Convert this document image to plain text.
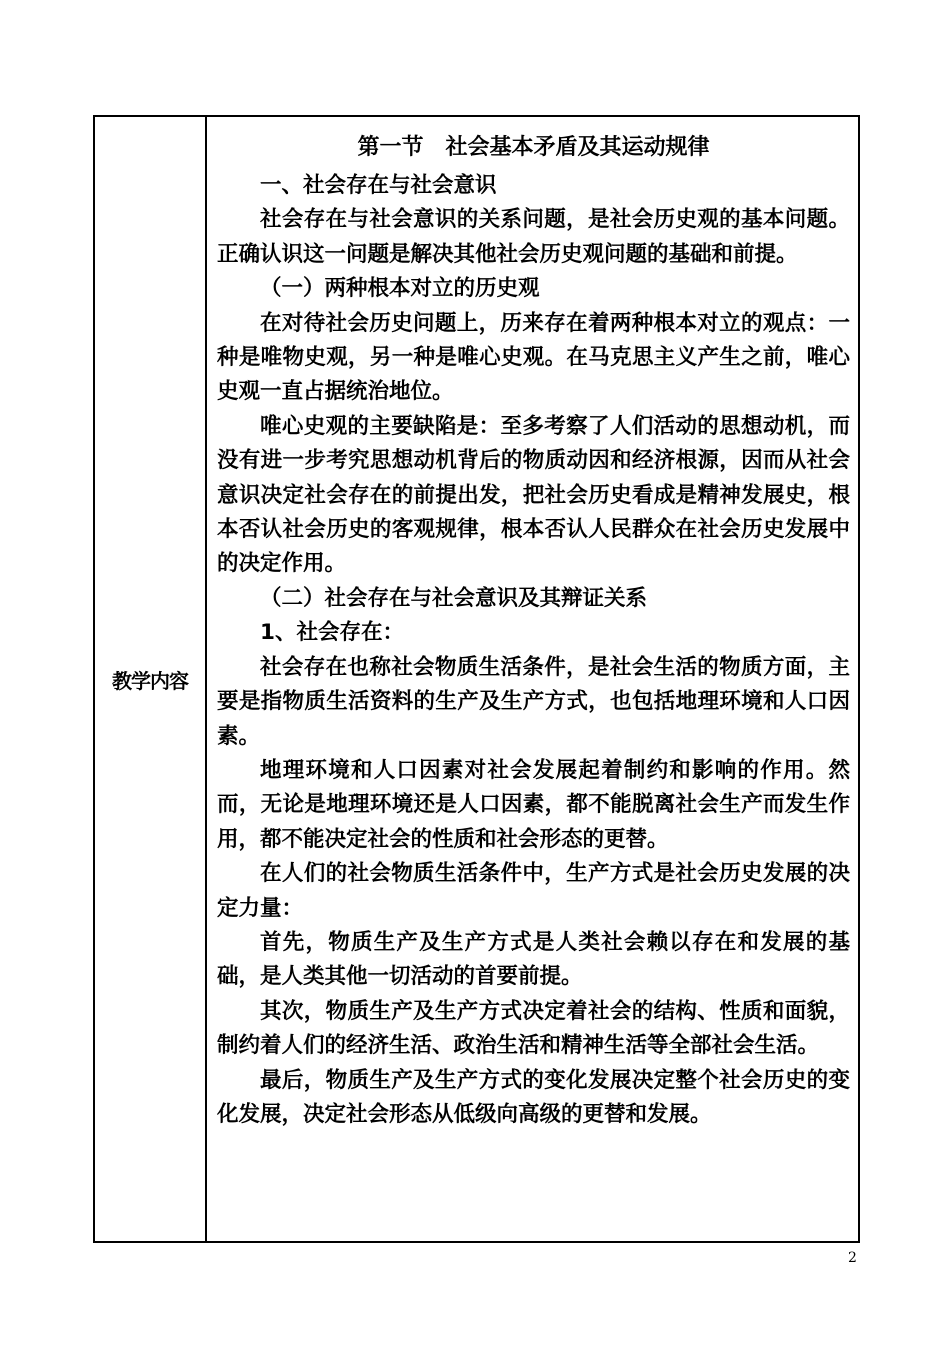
教学内容

第一节　社会基本矛盾及其运动规律

一、社会存在与社会意识

社会存在与社会意识的关系问题，是社会历史观的基本问题。正确认识这一问题是解决其他社会历史观问题的基础和前提。

（一）两种根本对立的历史观

在对待社会历史问题上，历来存在着两种根本对立的观点：一种是唯物史观，另一种是唯心史观。在马克思主义产生之前，唯心史观一直占据统治地位。

唯心史观的主要缺陷是：至多考察了人们活动的思想动机，而没有进一步考究思想动机背后的物质动因和经济根源，因而从社会意识决定社会存在的前提出发，把社会历史看成是精神发展史，根本否认社会历史的客观规律，根本否认人民群众在社会历史发展中的决定作用。

（二）社会存在与社会意识及其辩证关系

1、社会存在：

社会存在也称社会物质生活条件，是社会生活的物质方面，主要是指物质生活资料的生产及生产方式，也包括地理环境和人口因素。

地理环境和人口因素对社会发展起着制约和影响的作用。然而，无论是地理环境还是人口因素，都不能脱离社会生产而发生作用，都不能决定社会的性质和社会形态的更替。

在人们的社会物质生活条件中，生产方式是社会历史发展的决定力量：

首先，物质生产及生产方式是人类社会赖以存在和发展的基础，是人类其他一切活动的首要前提。

其次，物质生产及生产方式决定着社会的结构、性质和面貌，制约着人们的经济生活、政治生活和精神生活等全部社会生活。

最后，物质生产及生产方式的变化发展决定整个社会历史的变化发展，决定社会形态从低级向高级的更替和发展。

2
